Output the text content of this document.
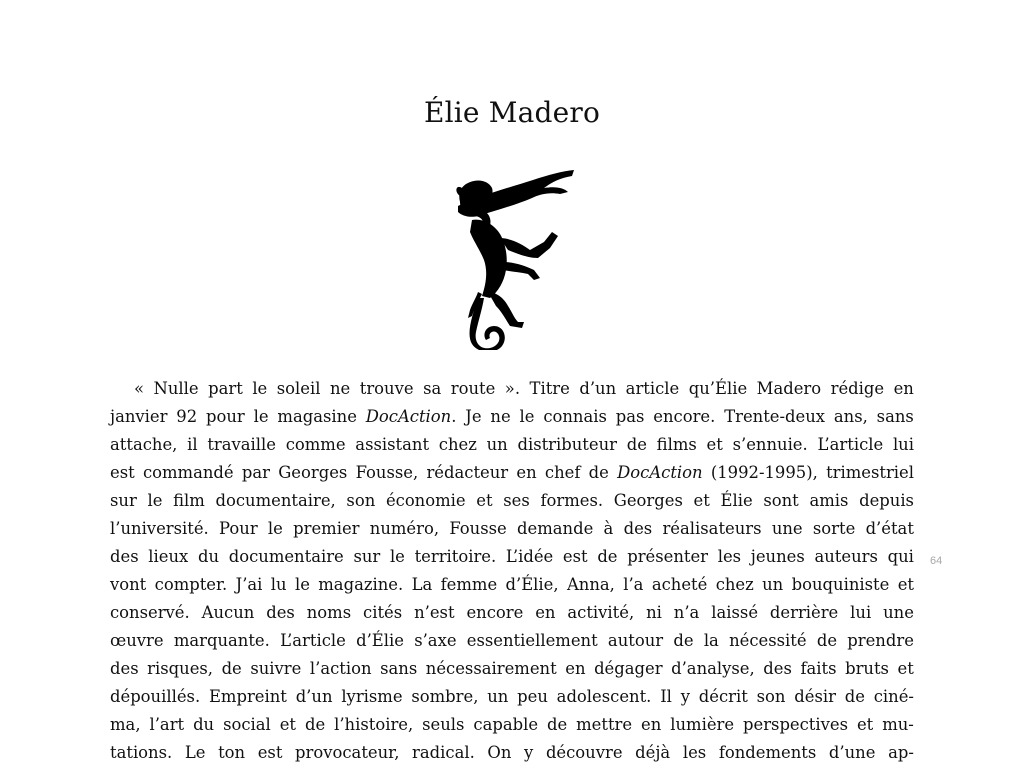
Élie Madero
« Nulle part le soleil ne trouve sa route ». Titre d’un article qu’Élie Madero rédige en
janvier 92 pour le magasine DocAction. Je ne le connais pas encore. Trente-deux ans, sans
attache, il travaille comme assistant chez un distributeur de films et s’ennuie. L’article lui
est commandé par Georges Fousse, rédacteur en chef de DocAction (1992-1995), trimestriel
sur le film documentaire, son économie et ses formes. Georges et Élie sont amis depuis
l’université. Pour le premier numéro, Fousse demande à des réalisateurs une sorte d’état
des lieux du documentaire sur le territoire. L’idée est de présenter les jeunes auteurs qui
vont compter. J’ai lu le magazine. La femme d’Élie, Anna, l’a acheté chez un bouquiniste et
conservé. Aucun des noms cités n’est encore en activité, ni n’a laissé derrière lui une
œuvre marquante. L’article d’Élie s’axe essentiellement autour de la nécessité de prendre
des risques, de suivre l’action sans nécessairement en dégager d’analyse, des faits bruts et
dépouillés. Empreint d’un lyrisme sombre, un peu adolescent. Il y décrit son désir de ciné-
ma, l’art du social et de l’histoire, seuls capable de mettre en lumière perspectives et mu-
tations. Le ton est provocateur, radical. On y découvre déjà les fondements d’une ap-
64
